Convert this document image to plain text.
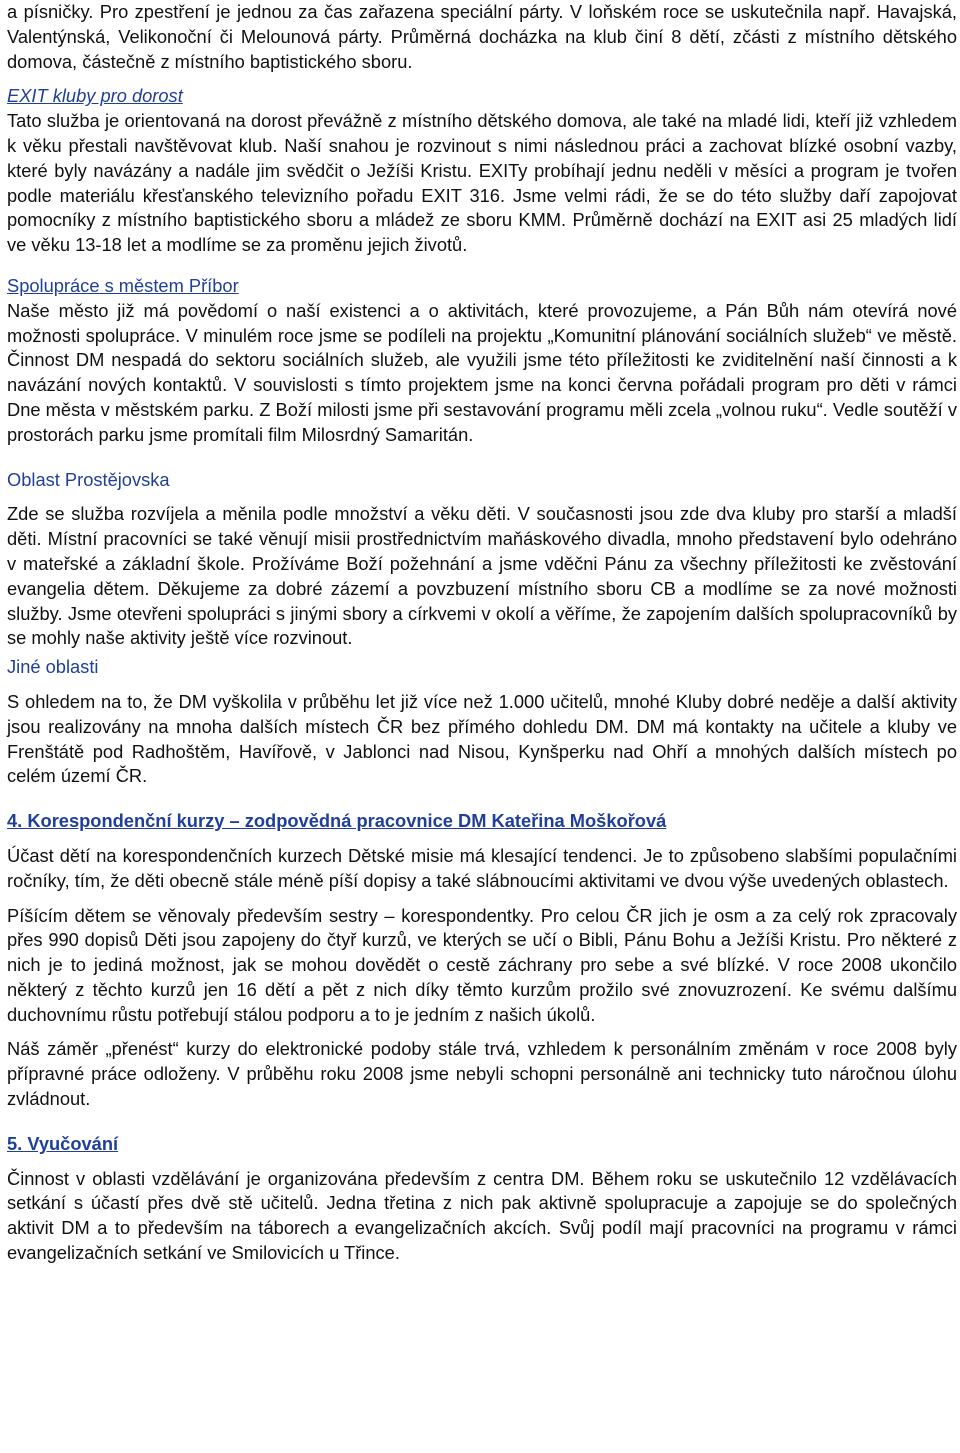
a písničky. Pro zpestření je jednou za čas zařazena speciální párty. V loňském roce se uskutečnila např. Havajská, Valentýnská, Velikonoční či Melounová párty. Průměrná docházka na klub činí 8 dětí, zčásti z místního dětského domova, částečně z místního baptistického sboru.

EXIT kluby pro dorost

Tato služba je orientovaná na dorost převážně z místního dětského domova, ale také na mladé lidi, kteří již vzhledem k věku přestali navštěvovat klub. Naší snahou je rozvinout s nimi následnou práci a zachovat blízké osobní vazby, které byly navázány a nadále jim svědčit o Ježíši Kristu. EXITy probíhají jednu neděli v měsíci a program je tvořen podle materiálu křesťanského televizního pořadu EXIT 316. Jsme velmi rádi, že se do této služby daří zapojovat pomocníky z místního baptistického sboru a mládež ze sboru KMM. Průměrně dochází na EXIT asi 25 mladých lidí ve věku 13-18 let a modlíme se za proměnu jejich životů.

Spolupráce s městem Příbor

Naše město již má povědomí o naší existenci a o aktivitách, které provozujeme, a Pán Bůh nám otevírá nové možnosti spolupráce. V minulém roce jsme se podíleli na projektu „Komunitní plánování sociálních služeb“ ve městě. Činnost DM nespadá do sektoru sociálních služeb, ale využili jsme této příležitosti ke zviditelnění naší činnosti a k navázání nových kontaktů. V souvislosti s tímto projektem jsme na konci června pořádali program pro děti v rámci Dne města v městském parku. Z Boží milosti jsme při sestavování programu měli zcela „volnou ruku“. Vedle soutěží v prostorách parku jsme promítali film Milosrdný Samaritán.

Oblast Prostějovska

Zde se služba rozvíjela a měnila podle množství a věku děti. V současnosti jsou zde dva kluby pro starší a mladší děti. Místní pracovníci se také věnují misii prostřednictvím maňáskového divadla, mnoho představení bylo odehráno v mateřské a základní škole. Prožíváme Boží požehnání a jsme vděčni Pánu za všechny příležitosti ke zvěstování evangelia dětem. Děkujeme za dobré zázemí a povzbuzení místního sboru CB a modlíme se za nové možnosti služby. Jsme otevřeni spolupráci s jinými sbory a církvemi v okolí a věříme, že zapojením dalších spolupracovníků by se mohly naše aktivity ještě více rozvinout.

Jiné oblasti

S ohledem na to, že DM vyškolila v průběhu let již více než 1.000 učitelů, mnohé Kluby dobré neděje a další aktivity jsou realizovány na mnoha dalších místech ČR bez přímého dohledu DM. DM má kontakty na učitele a kluby ve Frenštátě pod Radhoštěm, Havířově, v Jablonci nad Nisou, Kynšperku nad Ohří a mnohých dalších místech po celém území ČR.

4. Korespondenční kurzy – zodpovědná pracovnice DM Kateřina Moškořová

Účast dětí na korespondenčních kurzech Dětské misie má klesající tendenci. Je to způsobeno slabšími populačními ročníky, tím, že děti obecně stále méně píší dopisy a také slábnoucími aktivitami ve dvou výše uvedených oblastech.

Píšícím dětem se věnovaly především sestry – korespondentky. Pro celou ČR jich je osm a za celý rok zpracovaly přes 990 dopisů Děti jsou zapojeny do čtyř kurzů, ve kterých se učí o Bibli, Pánu Bohu a Ježíši Kristu. Pro některé z nich je to jediná možnost, jak se mohou dovědět o cestě záchrany pro sebe a své blízké. V roce 2008 ukončilo některý z těchto kurzů jen 16 dětí a pět z nich díky těmto kurzům prožilo své znovuzrození. Ke svému dalšímu duchovnímu růstu potřebují stálou podporu a to je jedním z našich úkolů.

Náš záměr „přenést“ kurzy do elektronické podoby stále trvá, vzhledem k personálním změnám v roce 2008 byly přípravné práce odloženy. V průběhu roku 2008 jsme nebyli schopni personálně ani technicky tuto náročnou úlohu zvládnout.

5. Vyučování

Činnost v oblasti vzdělávání je organizována především z centra DM. Během roku se uskutečnilo 12 vzdělávacích setkání s účastí přes dvě stě učitelů. Jedna třetina z nich pak aktivně spolupracuje a zapojuje se do společných aktivit DM a to především na táborech a evangelizačních akcích. Svůj podíl mají pracovníci na programu v rámci evangelizačních setkání ve Smilovicích u Třince.
